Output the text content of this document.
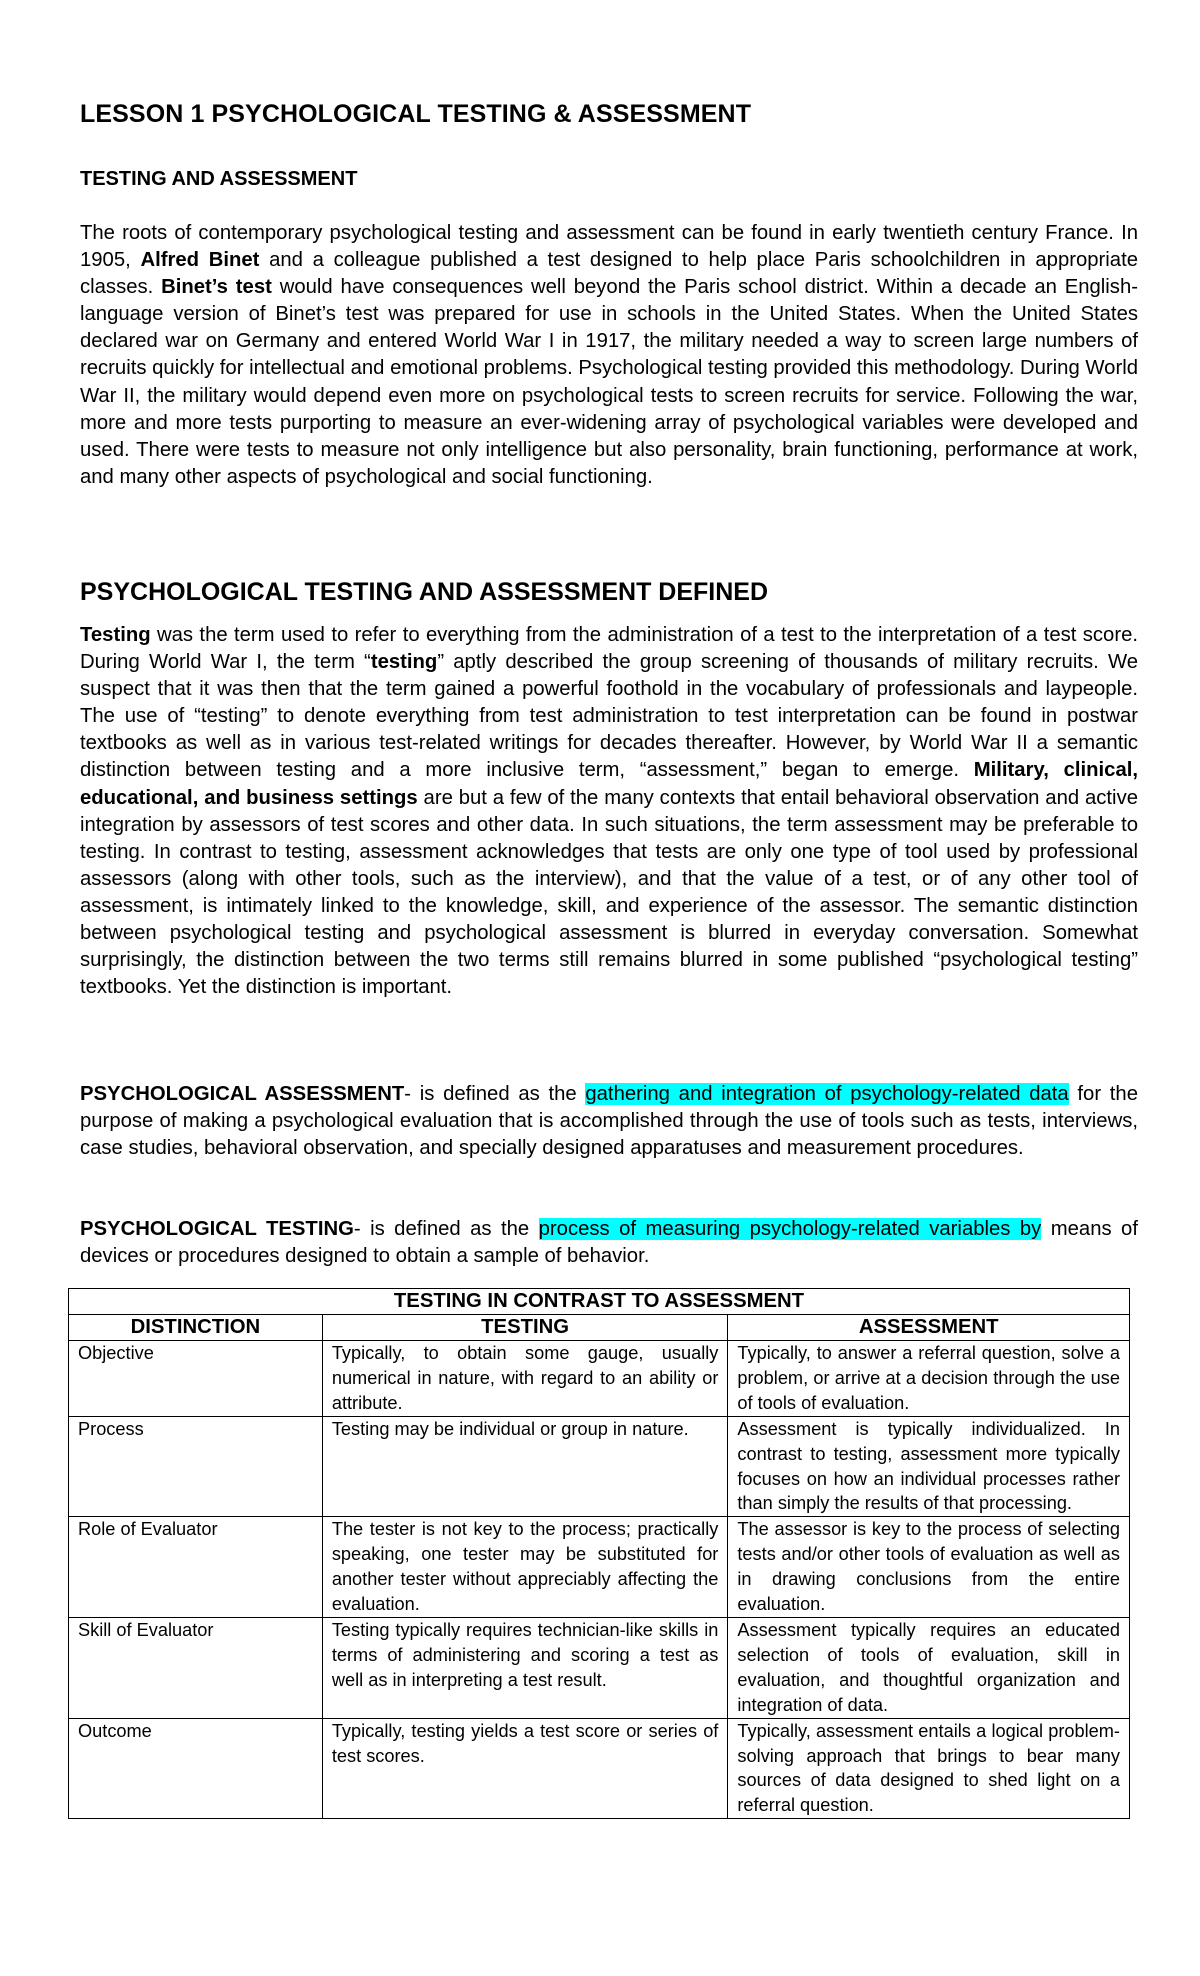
LESSON 1 PSYCHOLOGICAL TESTING & ASSESSMENT
TESTING AND ASSESSMENT

The roots of contemporary psychological testing and assessment can be found in early twentieth century France. In 1905, Alfred Binet and a colleague published a test designed to help place Paris schoolchildren in appropriate classes. Binet’s test would have consequences well beyond the Paris school district. Within a decade an English-language version of Binet’s test was prepared for use in schools in the United States. When the United States declared war on Germany and entered World War I in 1917, the military needed a way to screen large numbers of recruits quickly for intellectual and emotional problems. Psychological testing provided this methodology. During World War II, the military would depend even more on psychological tests to screen recruits for service. Following the war, more and more tests purporting to measure an ever-widening array of psychological variables were developed and used. There were tests to measure not only intelligence but also personality, brain functioning, performance at work, and many other aspects of psychological and social functioning.

PSYCHOLOGICAL TESTING AND ASSESSMENT DEFINED

Testing was the term used to refer to everything from the administration of a test to the interpretation of a test score. During World War I, the term “testing” aptly described the group screening of thousands of military recruits. We suspect that it was then that the term gained a powerful foothold in the vocabulary of professionals and laypeople. The use of “testing” to denote everything from test administration to test interpretation can be found in postwar textbooks as well as in various test-related writings for decades thereafter. However, by World War II a semantic distinction between testing and a more inclusive term, “assessment,” began to emerge. Military, clinical, educational, and business settings are but a few of the many contexts that entail behavioral observation and active integration by assessors of test scores and other data. In such situations, the term assessment may be preferable to testing. In contrast to testing, assessment acknowledges that tests are only one type of tool used by professional assessors (along with other tools, such as the interview), and that the value of a test, or of any other tool of assessment, is intimately linked to the knowledge, skill, and experience of the assessor. The semantic distinction between psychological testing and psychological assessment is blurred in everyday conversation. Somewhat surprisingly, the distinction between the two terms still remains blurred in some published “psychological testing” textbooks. Yet the distinction is important.

PSYCHOLOGICAL ASSESSMENT- is defined as the gathering and integration of psychology-related data for the purpose of making a psychological evaluation that is accomplished through the use of tools such as tests, interviews, case studies, behavioral observation, and specially designed apparatuses and measurement procedures.

PSYCHOLOGICAL TESTING- is defined as the process of measuring psychology-related variables by means of devices or procedures designed to obtain a sample of behavior.

TESTING IN CONTRAST TO ASSESSMENT		
DISTINCTION	TESTING	ASSESSMENT
Objective	Typically, to obtain some gauge, usually numerical in nature, with regard to an ability or attribute.	Typically, to answer a referral question, solve a problem, or arrive at a decision through the use of tools of evaluation.
Process	Testing may be individual or group in nature.	Assessment is typically individualized. In contrast to testing, assessment more typically focuses on how an individual processes rather than simply the results of that processing.
Role of Evaluator	The tester is not key to the process; practically speaking, one tester may be substituted for another tester without appreciably affecting the evaluation.	The assessor is key to the process of selecting tests and/or other tools of evaluation as well as in drawing conclusions from the entire evaluation.
Skill of Evaluator	Testing typically requires technician-like skills in terms of administering and scoring a test as well as in interpreting a test result.	Assessment typically requires an educated selection of tools of evaluation, skill in evaluation, and thoughtful organization and integration of data.
Outcome	Typically, testing yields a test score or series of test scores.	Typically, assessment entails a logical problem-solving approach that brings to bear many sources of data designed to shed light on a referral question.
